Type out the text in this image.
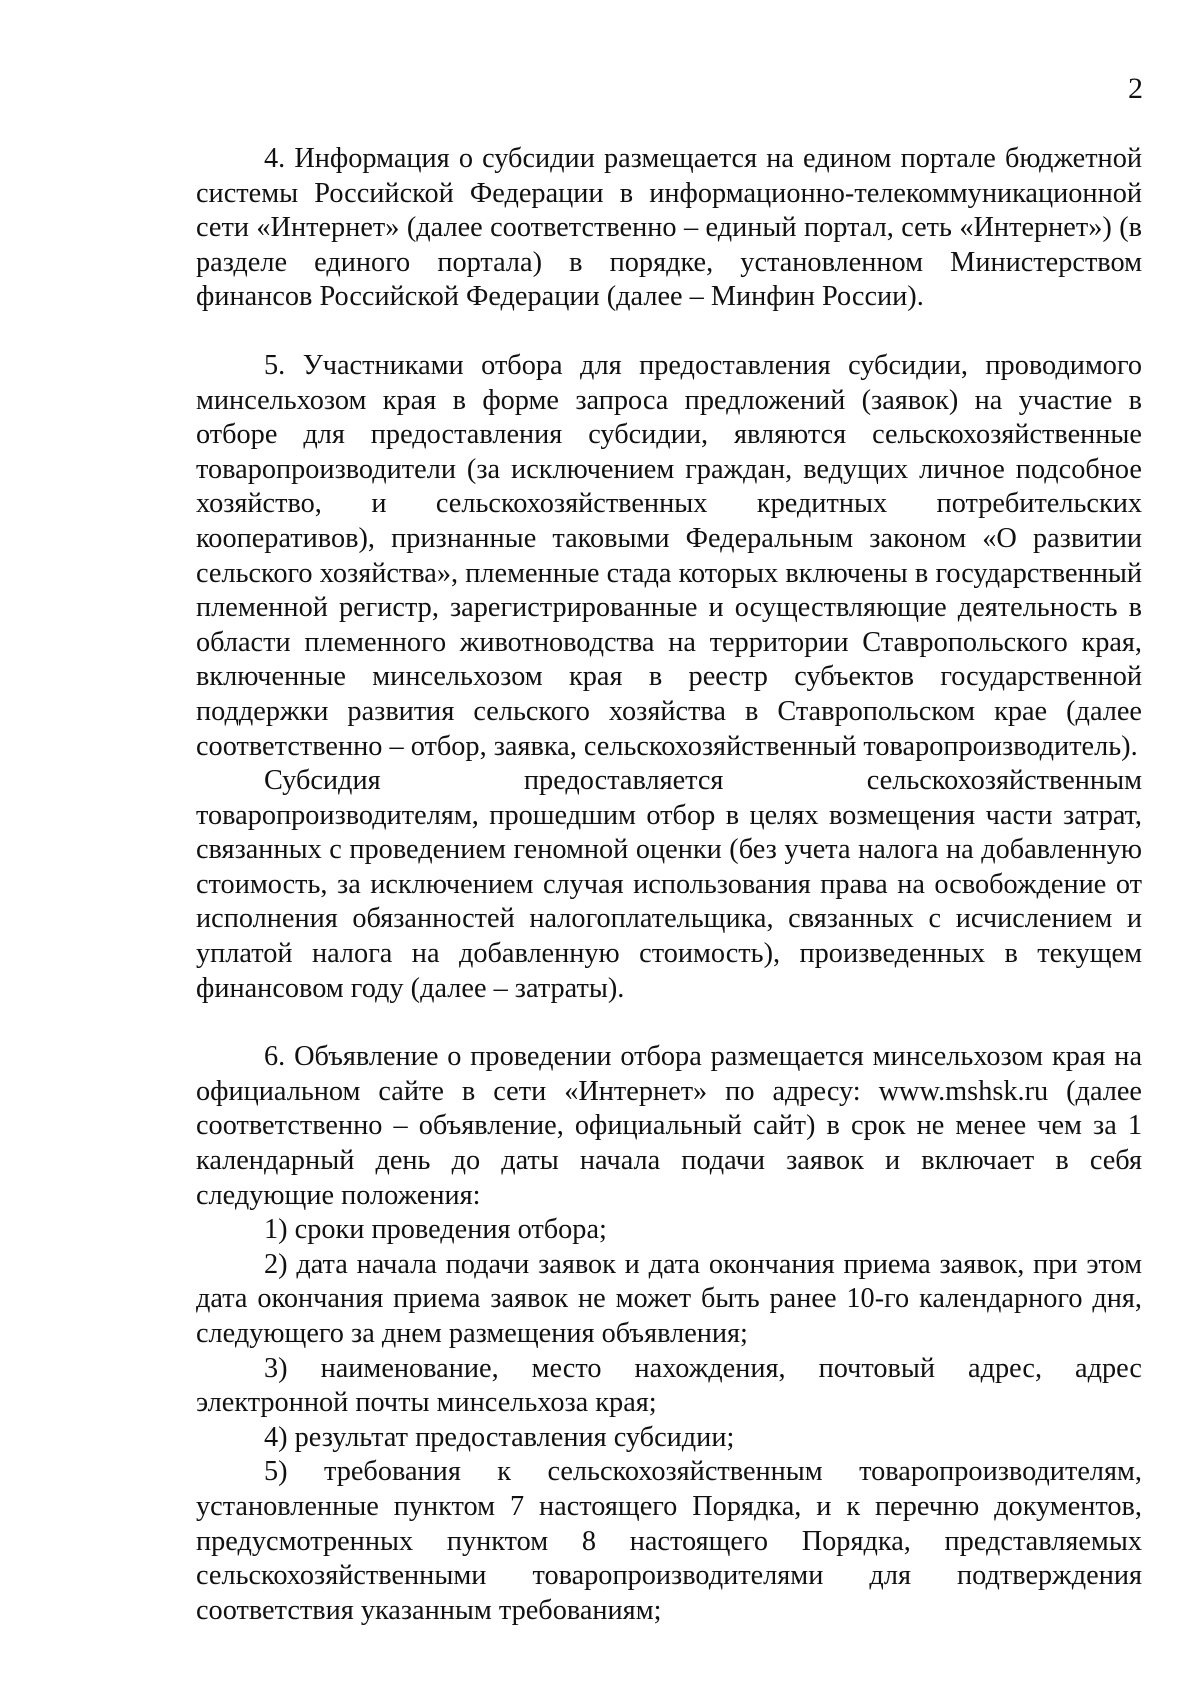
2

4. Информация о субсидии размещается на едином портале бюджетной системы Российской Федерации в информационно-телекоммуникационной сети «Интернет» (далее соответственно – единый портал, сеть «Интернет») (в разделе единого портала) в порядке, установленном Министерством финансов Российской Федерации (далее – Минфин России).

5. Участниками отбора для предоставления субсидии, проводимого минсельхозом края в форме запроса предложений (заявок) на участие в отборе для предоставления субсидии, являются сельскохозяйственные товаропроизводители (за исключением граждан, ведущих личное подсобное хозяйство, и сельскохозяйственных кредитных потребительских кооперативов), признанные таковыми Федеральным законом «О развитии сельского хозяйства», племенные стада которых включены в государственный племенной регистр, зарегистрированные и осуществляющие деятельность в области племенного животноводства на территории Ставропольского края, включенные минсельхозом края в реестр субъектов государственной поддержки развития сельского хозяйства в Ставропольском крае (далее соответственно – отбор, заявка, сельскохозяйственный товаропроизводитель).

Субсидия предоставляется сельскохозяйственным товаропроизводителям, прошедшим отбор в целях возмещения части затрат, связанных с проведением геномной оценки (без учета налога на добавленную стоимость, за исключением случая использования права на освобождение от исполнения обязанностей налогоплательщика, связанных с исчислением и уплатой налога на добавленную стоимость), произведенных в текущем финансовом году (далее – затраты).

6. Объявление о проведении отбора размещается минсельхозом края на официальном сайте в сети «Интернет» по адресу: www.mshsk.ru (далее соответственно – объявление, официальный сайт) в срок не менее чем за 1 календарный день до даты начала подачи заявок и включает в себя следующие положения:

1) сроки проведения отбора;

2) дата начала подачи заявок и дата окончания приема заявок, при этом дата окончания приема заявок не может быть ранее 10-го календарного дня, следующего за днем размещения объявления;

3) наименование, место нахождения, почтовый адрес, адрес электронной почты минсельхоза края;

4) результат предоставления субсидии;

5) требования к сельскохозяйственным товаропроизводителям, установленные пунктом 7 настоящего Порядка, и к перечню документов, предусмотренных пунктом 8 настоящего Порядка, представляемых сельскохозяйственными товаропроизводителями для подтверждения соответствия указанным требованиям;
